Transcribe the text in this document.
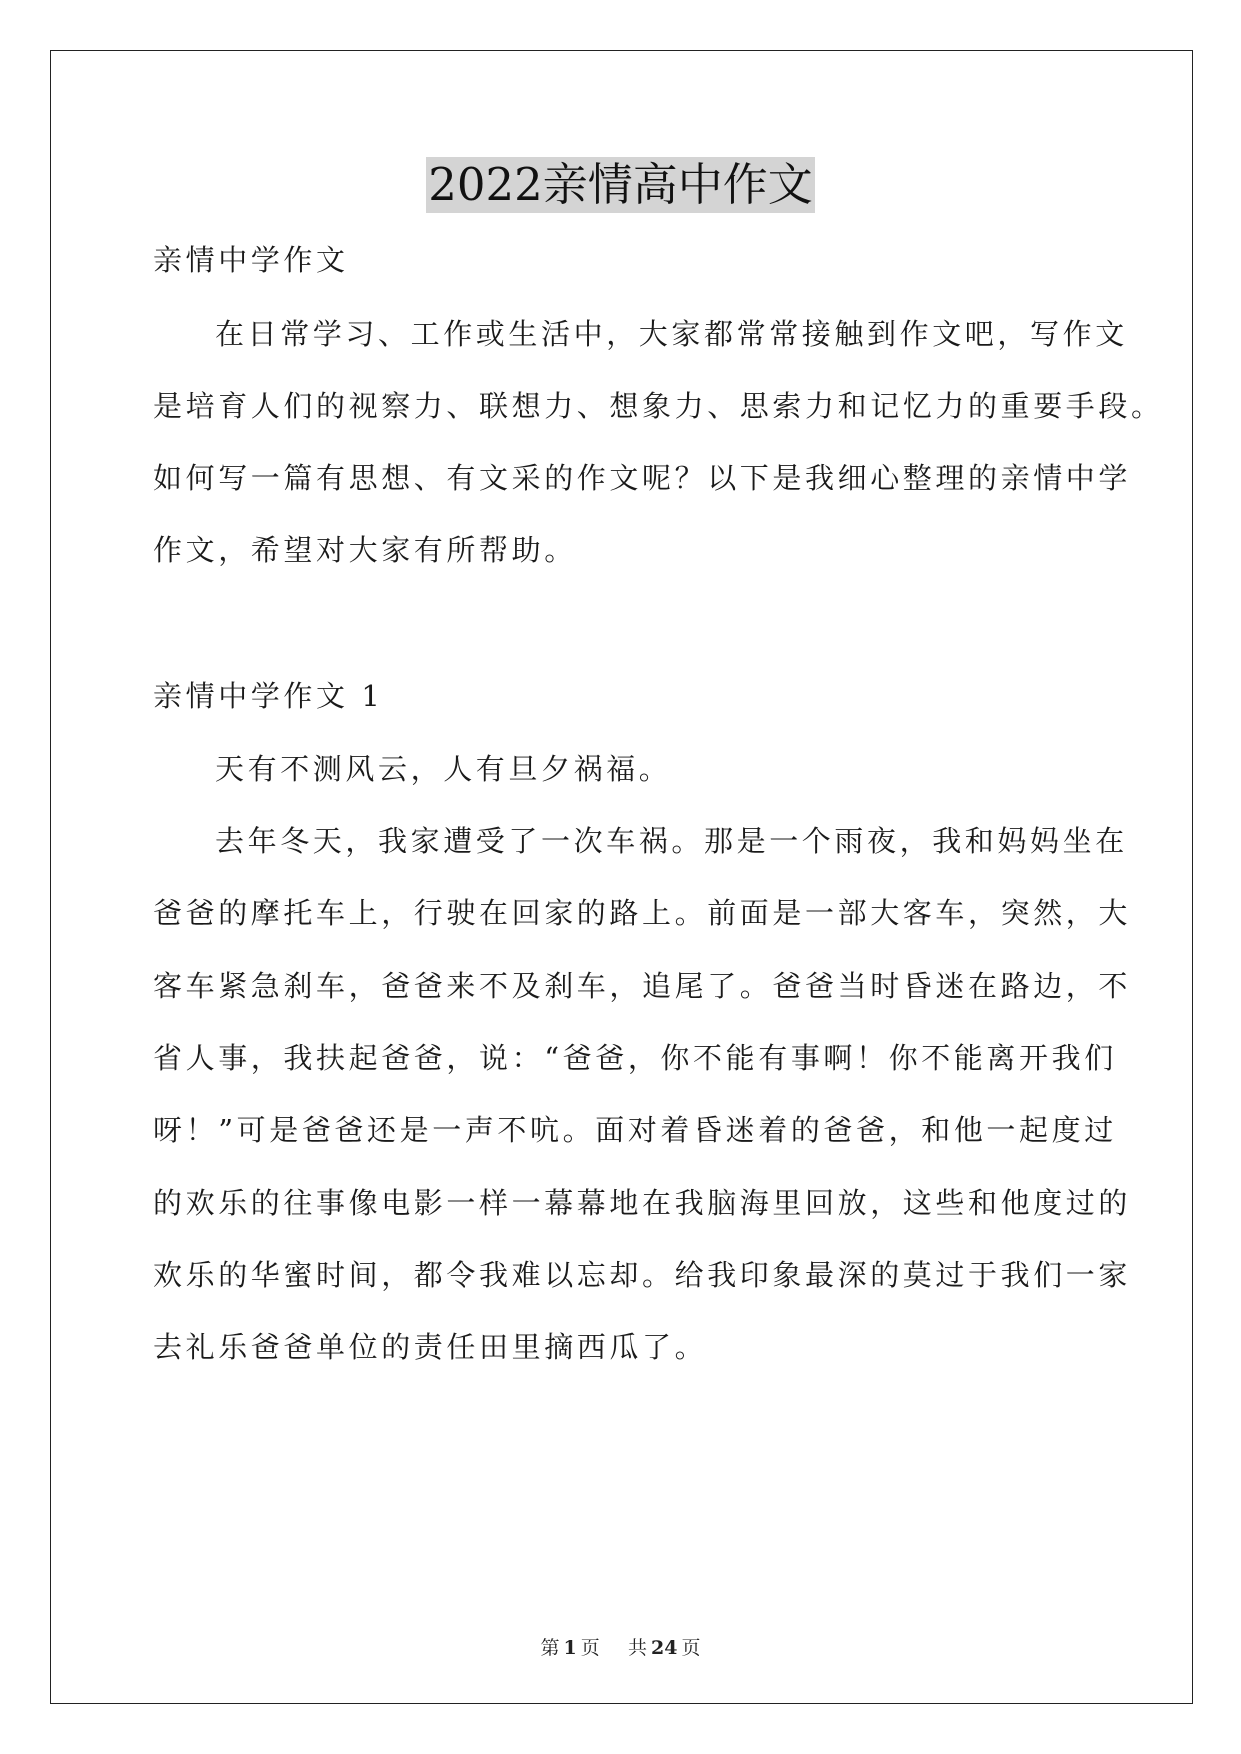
2022亲情高中作文
亲情中学作文
在日常学习、工作或生活中，大家都常常接触到作文吧，写作文
是培育人们的视察力、联想力、想象力、思索力和记忆力的重要手段。
如何写一篇有思想、有文采的作文呢？以下是我细心整理的亲情中学
作文，希望对大家有所帮助。
亲情中学作文 1
天有不测风云，人有旦夕祸福。
去年冬天，我家遭受了一次车祸。那是一个雨夜，我和妈妈坐在
爸爸的摩托车上，行驶在回家的路上。前面是一部大客车，突然，大
客车紧急刹车，爸爸来不及刹车，追尾了。爸爸当时昏迷在路边，不
省人事，我扶起爸爸，说：“爸爸，你不能有事啊！你不能离开我们
呀！”可是爸爸还是一声不吭。面对着昏迷着的爸爸，和他一起度过
的欢乐的往事像电影一样一幕幕地在我脑海里回放，这些和他度过的
欢乐的华蜜时间，都令我难以忘却。给我印象最深的莫过于我们一家
去礼乐爸爸单位的责任田里摘西瓜了。
第 1 页 共 24 页
